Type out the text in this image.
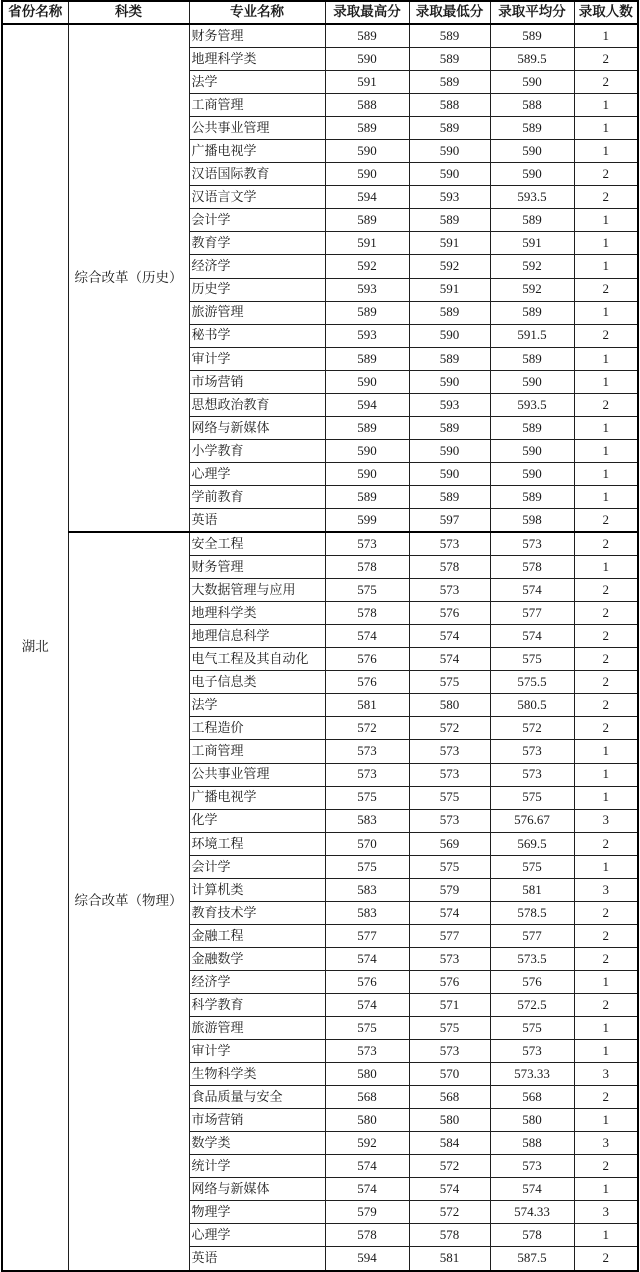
省份名称	科类	专业名称	录取最高分	录取最低分	录取平均分	录取人数
湖北	综合改革（历史）	财务管理	589	589	589	1
		地理科学类	590	589	589.5	2
		法学	591	589	590	2
		工商管理	588	588	588	1
		公共事业管理	589	589	589	1
		广播电视学	590	590	590	1
		汉语国际教育	590	590	590	2
		汉语言文学	594	593	593.5	2
		会计学	589	589	589	1
		教育学	591	591	591	1
		经济学	592	592	592	1
		历史学	593	591	592	2
		旅游管理	589	589	589	1
		秘书学	593	590	591.5	2
		审计学	589	589	589	1
		市场营销	590	590	590	1
		思想政治教育	594	593	593.5	2
		网络与新媒体	589	589	589	1
		小学教育	590	590	590	1
		心理学	590	590	590	1
		学前教育	589	589	589	1
		英语	599	597	598	2
	综合改革（物理）	安全工程	573	573	573	2
		财务管理	578	578	578	1
		大数据管理与应用	575	573	574	2
		地理科学类	578	576	577	2
		地理信息科学	574	574	574	2
		电气工程及其自动化	576	574	575	2
		电子信息类	576	575	575.5	2
		法学	581	580	580.5	2
		工程造价	572	572	572	2
		工商管理	573	573	573	1
		公共事业管理	573	573	573	1
		广播电视学	575	575	575	1
		化学	583	573	576.67	3
		环境工程	570	569	569.5	2
		会计学	575	575	575	1
		计算机类	583	579	581	3
		教育技术学	583	574	578.5	2
		金融工程	577	577	577	2
		金融数学	574	573	573.5	2
		经济学	576	576	576	1
		科学教育	574	571	572.5	2
		旅游管理	575	575	575	1
		审计学	573	573	573	1
		生物科学类	580	570	573.33	3
		食品质量与安全	568	568	568	2
		市场营销	580	580	580	1
		数学类	592	584	588	3
		统计学	574	572	573	2
		网络与新媒体	574	574	574	1
		物理学	579	572	574.33	3
		心理学	578	578	578	1
		英语	594	581	587.5	2
